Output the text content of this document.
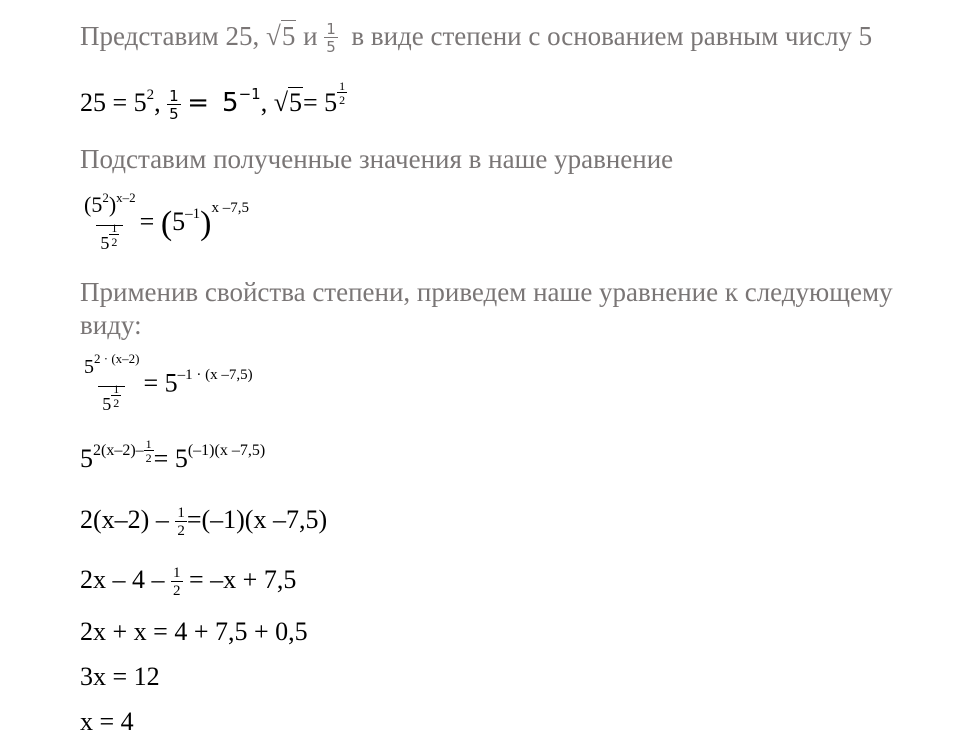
Представим 25, √5 и $\frac{1}{5}$ в виде степени с основанием равным числу 5
$25 = 5^2$, $\frac{1}{5} = 5^{-1}$, $√5= 5 \frac{1}{2}$
Подставим полученные значения в наше уравнение
$(5^2)^{x-2}$
$5 \frac{1}{2} = (5^{-1})^{x -7,5}$
Применив свойства степени, приведем наше уравнение к следующему
виду:
$\frac{5^{2 \cdot (x-2)}}{5 \frac{1}{2}} = 5^{-1 \cdot (x -7,5)}$
$5^{2(x-2)- \frac{1}{2}} = 5^{(-1)(x -7,5)}$
$2(x-2) - \frac{1}{2} =(-1)(x$ –7,5)
$2x - 4 - \frac{1}{2} = -x + 7,5$
2x + x = 4 + 7,5 + 0,5
3x = 12
x = 4
